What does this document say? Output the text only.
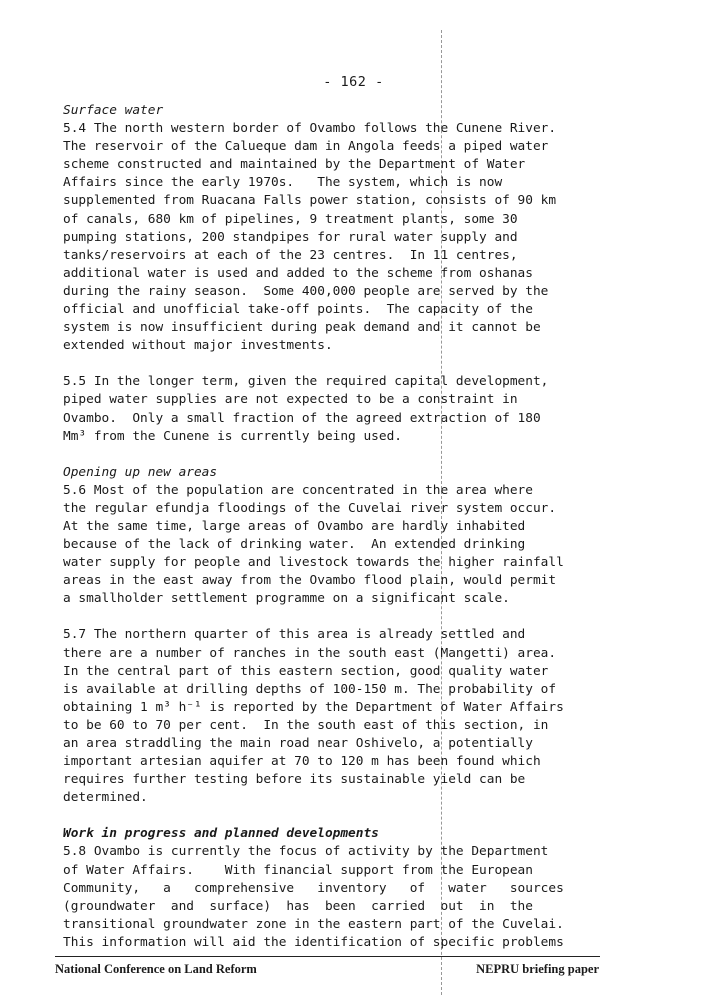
- 162 -

Surface water

5.4 The north western border of Ovambo follows the Cunene River.
The reservoir of the Calueque dam in Angola feeds a piped water
scheme constructed and maintained by the Department of Water
Affairs since the early 1970s.   The system, which is now
supplemented from Ruacana Falls power station, consists of 90 km
of canals, 680 km of pipelines, 9 treatment plants, some 30
pumping stations, 200 standpipes for rural water supply and
tanks/reservoirs at each of the 23 centres.  In 11 centres,
additional water is used and added to the scheme from oshanas
during the rainy season.  Some 400,000 people are served by the
official and unofficial take-off points.  The capacity of the
system is now insufficient during peak demand and it cannot be
extended without major investments.
5.5 In the longer term, given the required capital development,
piped water supplies are not expected to be a constraint in
Ovambo.  Only a small fraction of the agreed extraction of 180
Mm³ from the Cunene is currently being used.

Opening up new areas

5.6 Most of the population are concentrated in the area where
the regular efundja floodings of the Cuvelai river system occur.
At the same time, large areas of Ovambo are hardly inhabited
because of the lack of drinking water.  An extended drinking
water supply for people and livestock towards the higher rainfall
areas in the east away from the Ovambo flood plain, would permit
a smallholder settlement programme on a significant scale.
5.7 The northern quarter of this area is already settled and
there are a number of ranches in the south east (Mangetti) area.
In the central part of this eastern section, good quality water
is available at drilling depths of 100-150 m. The probability of
obtaining 1 m³ h⁻¹ is reported by the Department of Water Affairs
to be 60 to 70 per cent.  In the south east of this section, in
an area straddling the main road near Oshivelo, a potentially
important artesian aquifer at 70 to 120 m has been found which
requires further testing before its sustainable yield can be
determined.

Work in progress and planned developments

5.8 Ovambo is currently the focus of activity by the Department
of Water Affairs.    With financial support from the European
Community,   a   comprehensive   inventory   of   water   sources
(groundwater  and  surface)  has  been  carried  out  in  the
transitional groundwater zone in the eastern part of the Cuvelai.
This information will aid the identification of specific problems
National Conference on Land Reform	NEPRU briefing paper
